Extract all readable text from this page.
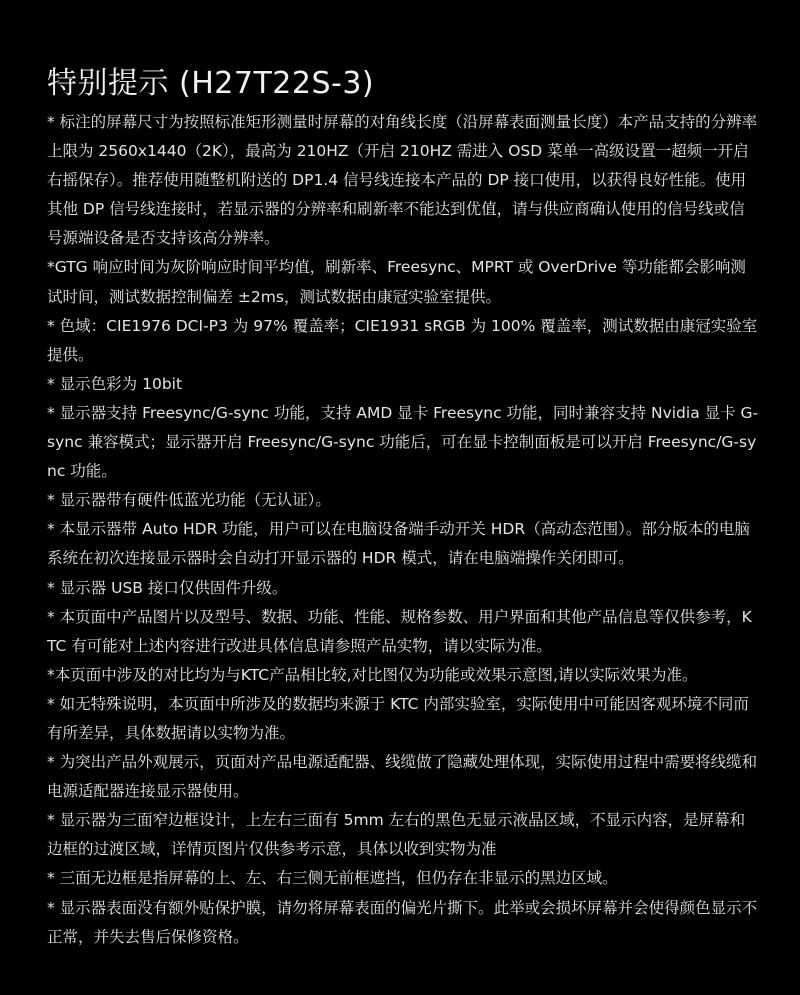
特别提示 (H27T22S-3)

* 标注的屏幕尺寸为按照标准矩形测量时屏幕的对角线长度（沿屏幕表面测量长度）本产品支持的分辨率上限为 2560x1440（2K），最高为 210HZ（开启 210HZ 需进入 OSD 菜单一高级设置一超频一开启 右摇保存）。推荐使用随整机附送的 DP1.4 信号线连接本产品的 DP 接口使用，以获得良好性能。使用其他 DP 信号线连接时，若显示器的分辨率和刷新率不能达到优值，请与供应商确认使用的信号线或信号源端设备是否支持该高分辨率。

*GTG 响应时间为灰阶响应时间平均值，刷新率、Freesync、MPRT 或 OverDrive 等功能都会影响测试时间，测试数据控制偏差 ±2ms，测试数据由康冠实验室提供。

* 色域：CIE1976 DCI-P3 为 97% 覆盖率；CIE1931 sRGB 为 100% 覆盖率，测试数据由康冠实验室提供。

* 显示色彩为 10bit

* 显示器支持 Freesync/G-sync 功能，支持 AMD 显卡 Freesync 功能，同时兼容支持 Nvidia 显卡 G-sync 兼容模式；显示器开启 Freesync/G-sync 功能后，可在显卡控制面板是可以开启 Freesync/G-sync 功能。

* 显示器带有硬件低蓝光功能（无认证）。

* 本显示器带 Auto HDR 功能，用户可以在电脑设备端手动开关 HDR（高动态范围）。部分版本的电脑系统在初次连接显示器时会自动打开显示器的 HDR 模式，请在电脑端操作关闭即可。

* 显示器 USB 接口仅供固件升级。

* 本页面中产品图片以及型号、数据、功能、性能、规格参数、用户界面和其他产品信息等仅供参考，KTC 有可能对上述内容进行改进具体信息请参照产品实物，请以实际为准。

*本页面中涉及的对比均为与KTC产品相比较,对比图仅为功能或效果示意图,请以实际效果为准。

* 如无特殊说明，本页面中所涉及的数据均来源于 KTC 内部实验室，实际使用中可能因客观环境不同而有所差异，具体数据请以实物为准。

* 为突出产品外观展示，页面对产品电源适配器、线缆做了隐藏处理体现，实际使用过程中需要将线缆和电源适配器连接显示器使用。

* 显示器为三面窄边框设计，上左右三面有 5mm 左右的黑色无显示液晶区域，不显示内容，是屏幕和边框的过渡区域，详情页图片仅供参考示意，具体以收到实物为准

* 三面无边框是指屏幕的上、左、右三侧无前框遮挡，但仍存在非显示的黑边区域。

* 显示器表面没有额外贴保护膜，请勿将屏幕表面的偏光片撕下。此举或会损坏屏幕并会使得颜色显示不正常，并失去售后保修资格。
